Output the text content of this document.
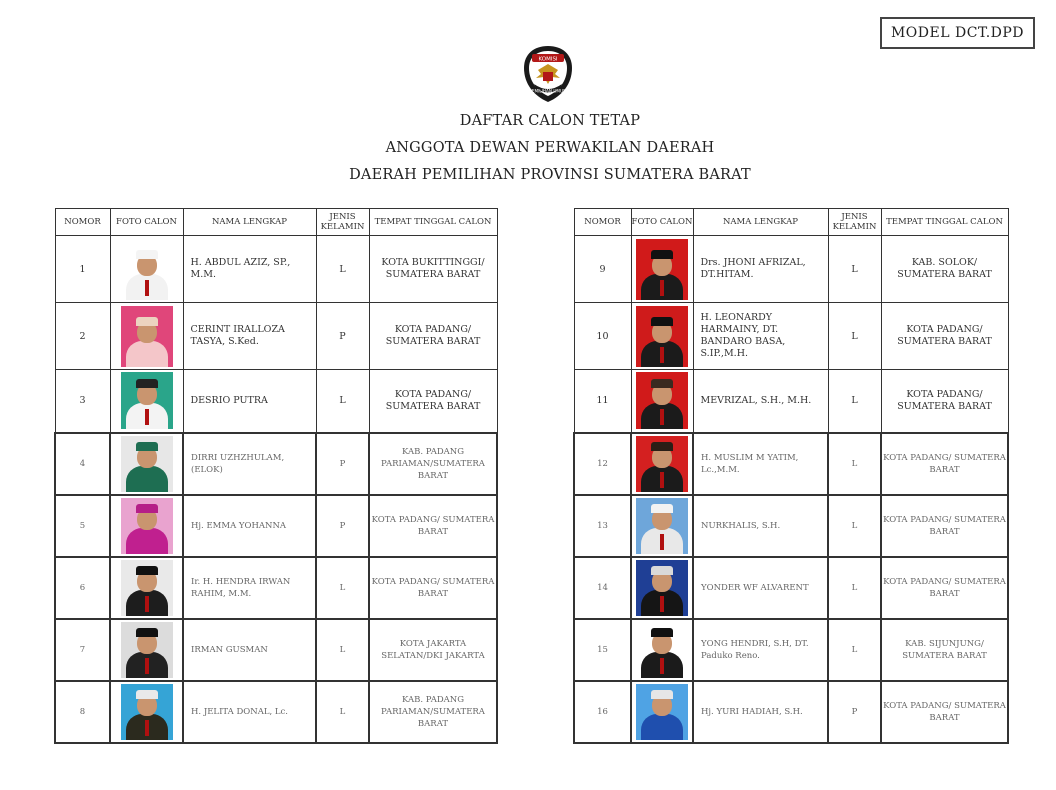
MODEL DCT.DPD
KOMISI
PEMILIHAN UMUM
DAFTAR CALON TETAP
ANGGOTA DEWAN PERWAKILAN DAERAH
DAERAH PEMILIHAN PROVINSI SUMATERA BARAT
NOMOR	FOTO CALON	NAMA LENGKAP	JENIS KELAMIN	TEMPAT TINGGAL CALON
1		H. ABDUL AZIZ, SP., M.M.	L	KOTA BUKITTINGGI/ SUMATERA BARAT
2		CERINT IRALLOZA TASYA, S.Ked.	P	KOTA PADANG/ SUMATERA BARAT
3		DESRIO PUTRA	L	KOTA PADANG/ SUMATERA BARAT
4		DIRRI UZHZHULAM, (ELOK)	P	KAB. PADANG PARIAMAN/SUMATERA BARAT
5		Hj. EMMA YOHANNA	P	KOTA PADANG/ SUMATERA BARAT
6		Ir. H. HENDRA IRWAN RAHIM, M.M.	L	KOTA PADANG/ SUMATERA BARAT
7		IRMAN GUSMAN	L	KOTA JAKARTA SELATAN/DKI JAKARTA
8		H. JELITA DONAL, Lc.	L	KAB. PADANG PARIAMAN/SUMATERA BARAT
NOMOR	FOTO CALON	NAMA LENGKAP	JENIS KELAMIN	TEMPAT TINGGAL CALON
9		Drs. JHONI AFRIZAL, DT.HITAM.	L	KAB. SOLOK/ SUMATERA BARAT
10		H. LEONARDY HARMAINY, DT. BANDARO BASA, S.IP.,M.H.	L	KOTA PADANG/ SUMATERA BARAT
11		MEVRIZAL, S.H., M.H.	L	KOTA PADANG/ SUMATERA BARAT
12		H. MUSLIM M YATIM, Lc.,M.M.	L	KOTA PADANG/ SUMATERA BARAT
13		NURKHALIS, S.H.	L	KOTA PADANG/ SUMATERA BARAT
14		YONDER WF ALVARENT	L	KOTA PADANG/ SUMATERA BARAT
15		YONG HENDRI, S.H, DT. Paduko Reno.	L	KAB. SIJUNJUNG/ SUMATERA BARAT
16		Hj. YURI HADIAH, S.H.	P	KOTA PADANG/ SUMATERA BARAT
